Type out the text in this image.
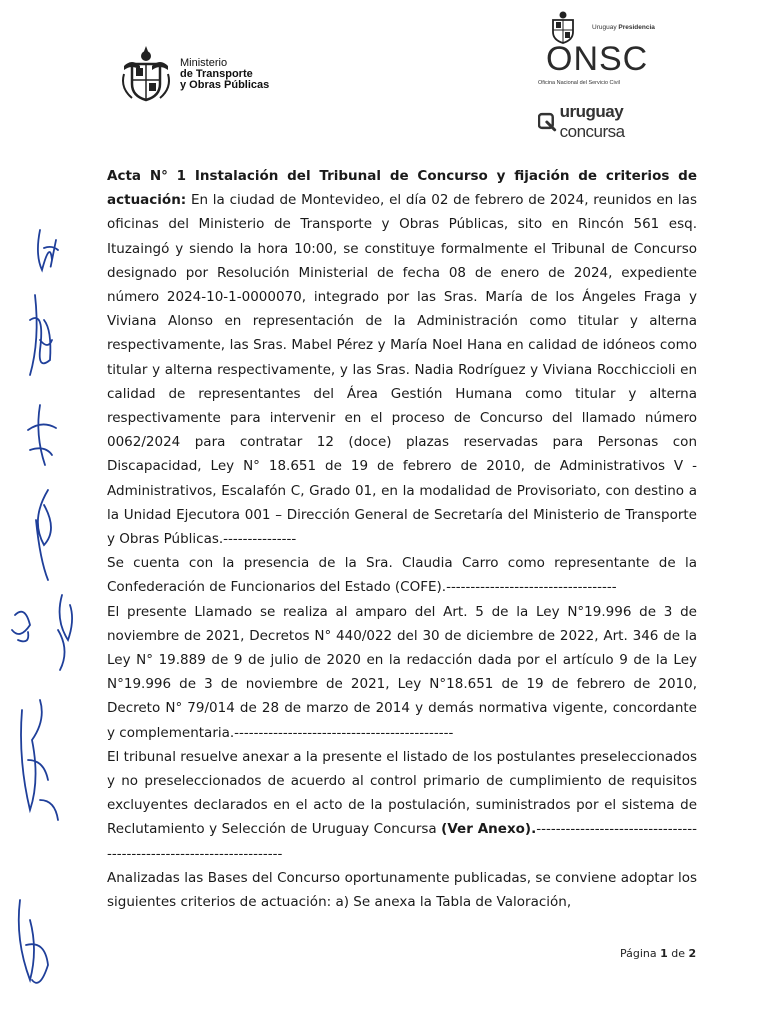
Ministerio
de Transporte
y Obras Públicas
Uruguay Presidencia
ONSC
Oficina Nacional del Servicio Civil
uruguay concursa

Acta N° 1 Instalación del Tribunal de Concurso y fijación de criterios de actuación: En la ciudad de Montevideo, el día 02 de febrero de 2024, reunidos en las oficinas del Ministerio de Transporte y Obras Públicas, sito en Rincón 561 esq. Ituzaingó y siendo la hora 10:00, se constituye formalmente el Tribunal de Concurso designado por Resolución Ministerial de fecha 08 de enero de 2024, expediente número 2024-10-1-0000070, integrado por las Sras. María de los Ángeles Fraga y Viviana Alonso en representación de la Administración como titular y alterna respectivamente, las Sras. Mabel Pérez y María Noel Hana en calidad de idóneos como titular y alterna respectivamente, y las Sras. Nadia Rodríguez y Viviana Rocchiccioli en calidad de representantes del Área Gestión Humana como titular y alterna respectivamente para intervenir en el proceso de Concurso del llamado número 0062/2024 para contratar 12 (doce) plazas reservadas para Personas con Discapacidad, Ley N° 18.651 de 19 de febrero de 2010, de Administrativos V - Administrativos, Escalafón C, Grado 01, en la modalidad de Provisoriato, con destino a la Unidad Ejecutora 001 – Dirección General de Secretaría del Ministerio de Transporte y Obras Públicas.---------------

Se cuenta con la presencia de la Sra. Claudia Carro como representante de la Confederación de Funcionarios del Estado (COFE).-----------------------------------

El presente Llamado se realiza al amparo del Art. 5 de la Ley N°19.996 de 3 de noviembre de 2021, Decretos N° 440/022 del 30 de diciembre de 2022, Art. 346 de la Ley N° 19.889 de 9 de julio de 2020 en la redacción dada por el artículo 9 de la Ley N°19.996 de 3 de noviembre de 2021, Ley N°18.651 de 19 de febrero de 2010, Decreto N° 79/014 de 28 de marzo de 2014 y demás normativa vigente, concordante y complementaria.---------------------------------------------

El tribunal resuelve anexar a la presente el listado de los postulantes preseleccionados y no preseleccionados de acuerdo al control primario de cumplimiento de requisitos excluyentes declarados en el acto de la postulación, suministrados por el sistema de Reclutamiento y Selección de Uruguay Concursa (Ver Anexo).---------------------------------------------------------------------

Analizadas las Bases del Concurso oportunamente publicadas, se conviene adoptar los siguientes criterios de actuación: a) Se anexa la Tabla de Valoración,

Página 1 de 2
